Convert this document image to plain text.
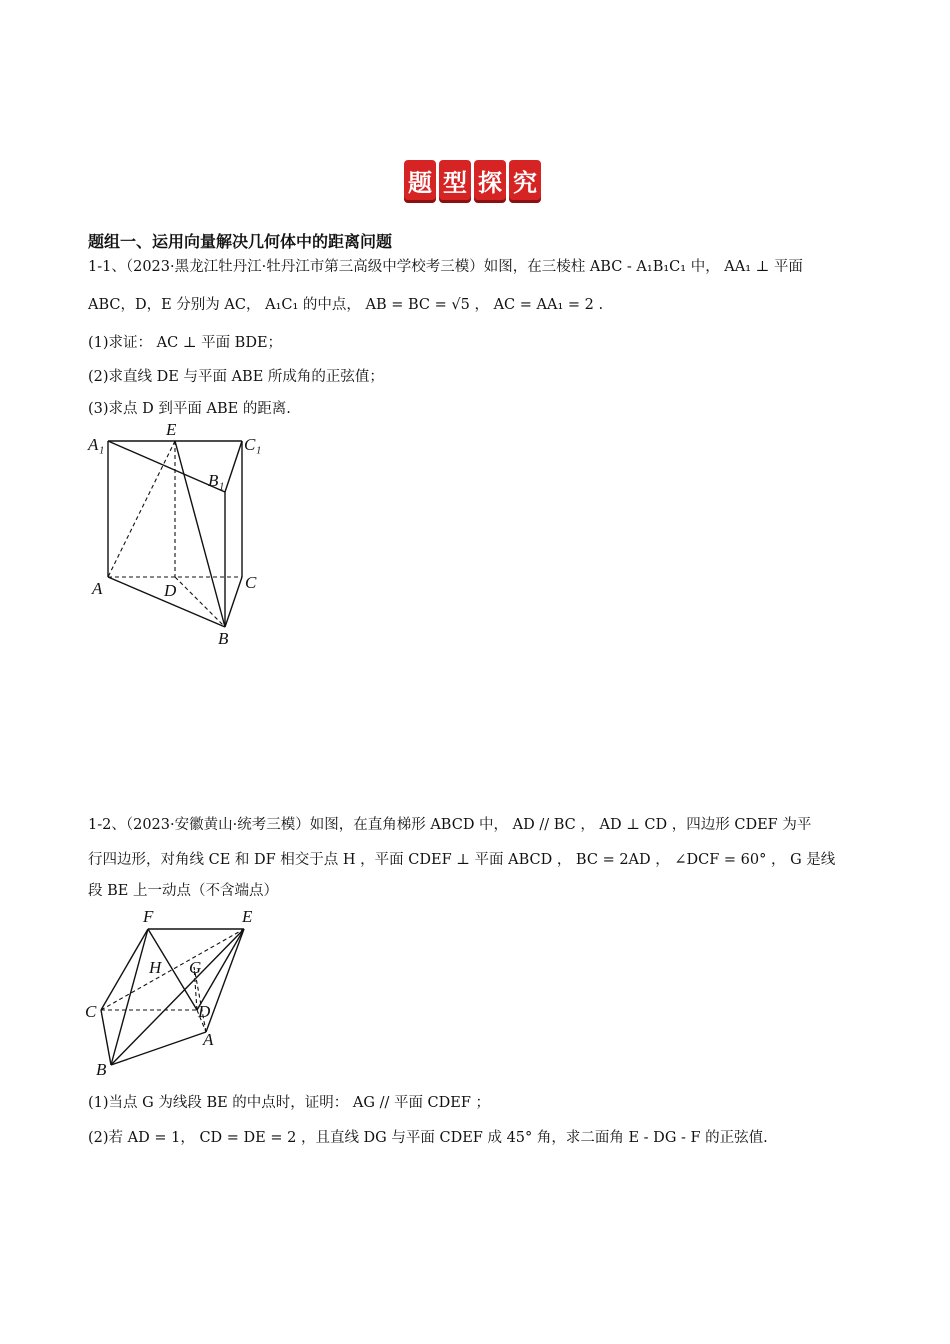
题 型 探 究
题组一、运用向量解决几何体中的距离问题
1-1、（2023·黑龙江牡丹江·牡丹江市第三高级中学校考三模）如图，在三棱柱 ABC - A₁B₁C₁ 中， AA₁ ⊥ 平面
ABC，D，E 分别为 AC， A₁C₁ 的中点， AB = BC = √5 ， AC = AA₁ = 2 .
(1)求证： AC ⊥ 平面 BDE；
(2)求直线 DE 与平面 ABE 所成角的正弦值；
(3)求点 D 到平面 ABE 的距离.
A₁
E
C₁
B₁
A	D	C
B
1-2、（2023·安徽黄山·统考三模）如图，在直角梯形 ABCD 中， AD // BC ， AD ⊥ CD ，四边形 CDEF 为平
行四边形，对角线 CE 和 DF 相交于点 H ，平面 CDEF ⊥ 平面 ABCD ， BC = 2AD ， ∠DCF = 60° ， G 是线
段 BE 上一动点（不含端点）
F	E
H G
C	D
A
B
(1)当点 G 为线段 BE 的中点时，证明： AG // 平面 CDEF ；
(2)若 AD = 1， CD = DE = 2 ，且直线 DG 与平面 CDEF 成 45° 角，求二面角 E - DG - F 的正弦值.
